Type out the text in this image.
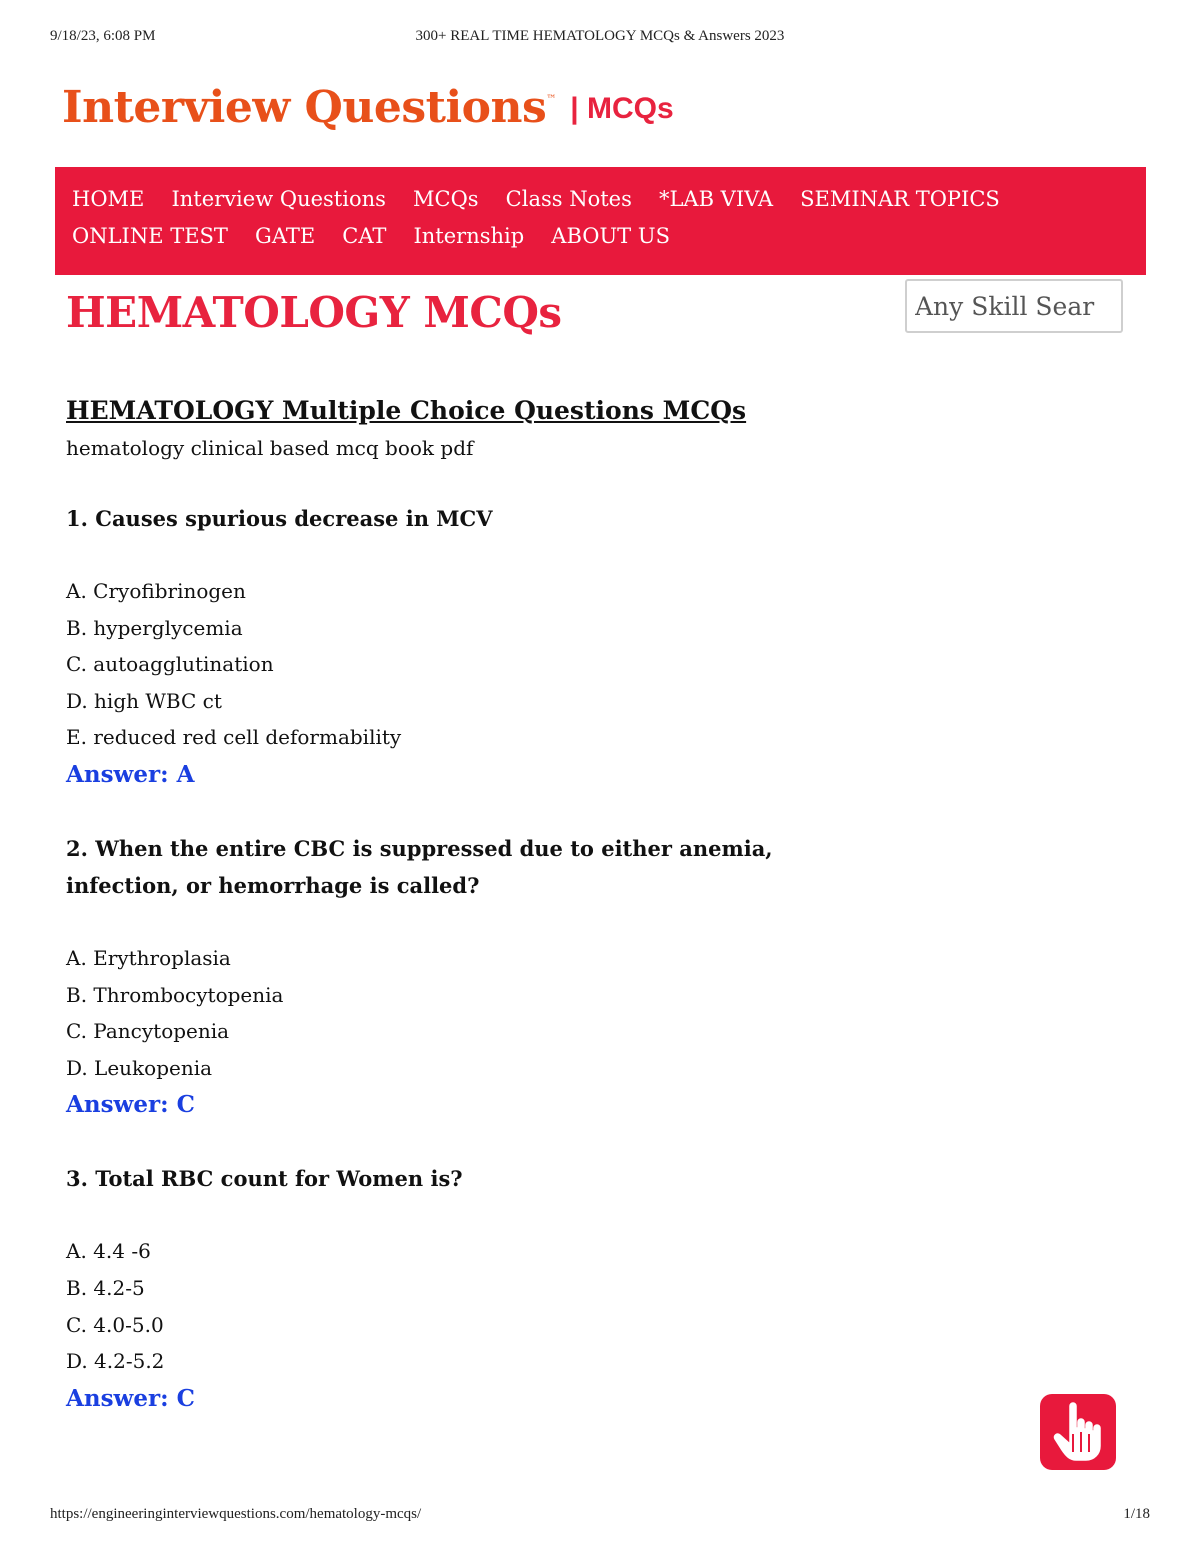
300+ REAL TIME HEMATOLOGY MCQs & Answers 2023
9/18/23, 6:08 PM
Interview Questions™ | MCQs
HOME Interview Questions MCQs Class Notes *LAB VIVA SEMINAR TOPICS
ONLINE TEST GATE CAT Internship ABOUT US
HEMATOLOGY MCQs
Any Skill Sear
HEMATOLOGY Multiple Choice Questions MCQs

hematology clinical based mcq book pdf

1. Causes spurious decrease in MCV

A. Cryofibrinogen

B. hyperglycemia

C. autoagglutination

D. high WBC ct

E. reduced red cell deformability

Answer: A

2. When the entire CBC is suppressed due to either anemia, infection, or hemorrhage is called?

A. Erythroplasia

B. Thrombocytopenia

C. Pancytopenia

D. Leukopenia

Answer: C

3. Total RBC count for Women is?

A. 4.4 -6

B. 4.2-5

C. 4.0-5.0

D. 4.2-5.2

Answer: C

https://engineeringinterviewquestions.com/hematology-mcqs/	1/18
